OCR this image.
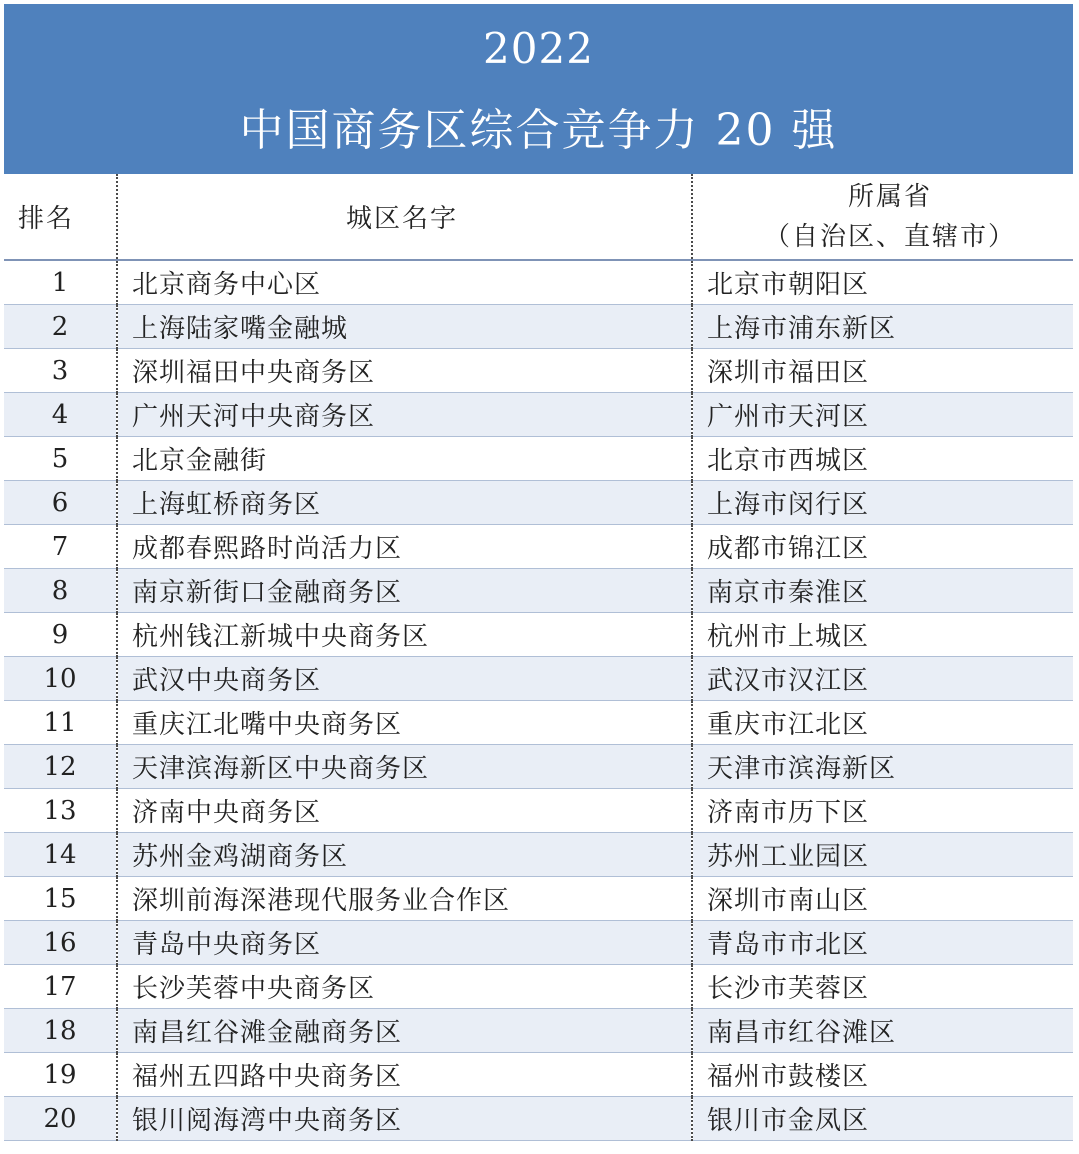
2022
中国商务区综合竞争力 20 强
排名	城区名字	所属省
（自治区、直辖市）

1	北京商务中心区	北京市朝阳区
2	上海陆家嘴金融城	上海市浦东新区
3	深圳福田中央商务区	深圳市福田区
4	广州天河中央商务区	广州市天河区
5	北京金融街	北京市西城区
6	上海虹桥商务区	上海市闵行区
7	成都春熙路时尚活力区	成都市锦江区
8	南京新街口金融商务区	南京市秦淮区
9	杭州钱江新城中央商务区	杭州市上城区
10	武汉中央商务区	武汉市汉江区
11	重庆江北嘴中央商务区	重庆市江北区
12	天津滨海新区中央商务区	天津市滨海新区
13	济南中央商务区	济南市历下区
14	苏州金鸡湖商务区	苏州工业园区
15	深圳前海深港现代服务业合作区	深圳市南山区
16	青岛中央商务区	青岛市市北区
17	长沙芙蓉中央商务区	长沙市芙蓉区
18	南昌红谷滩金融商务区	南昌市红谷滩区
19	福州五四路中央商务区	福州市鼓楼区
20	银川阅海湾中央商务区	银川市金凤区
